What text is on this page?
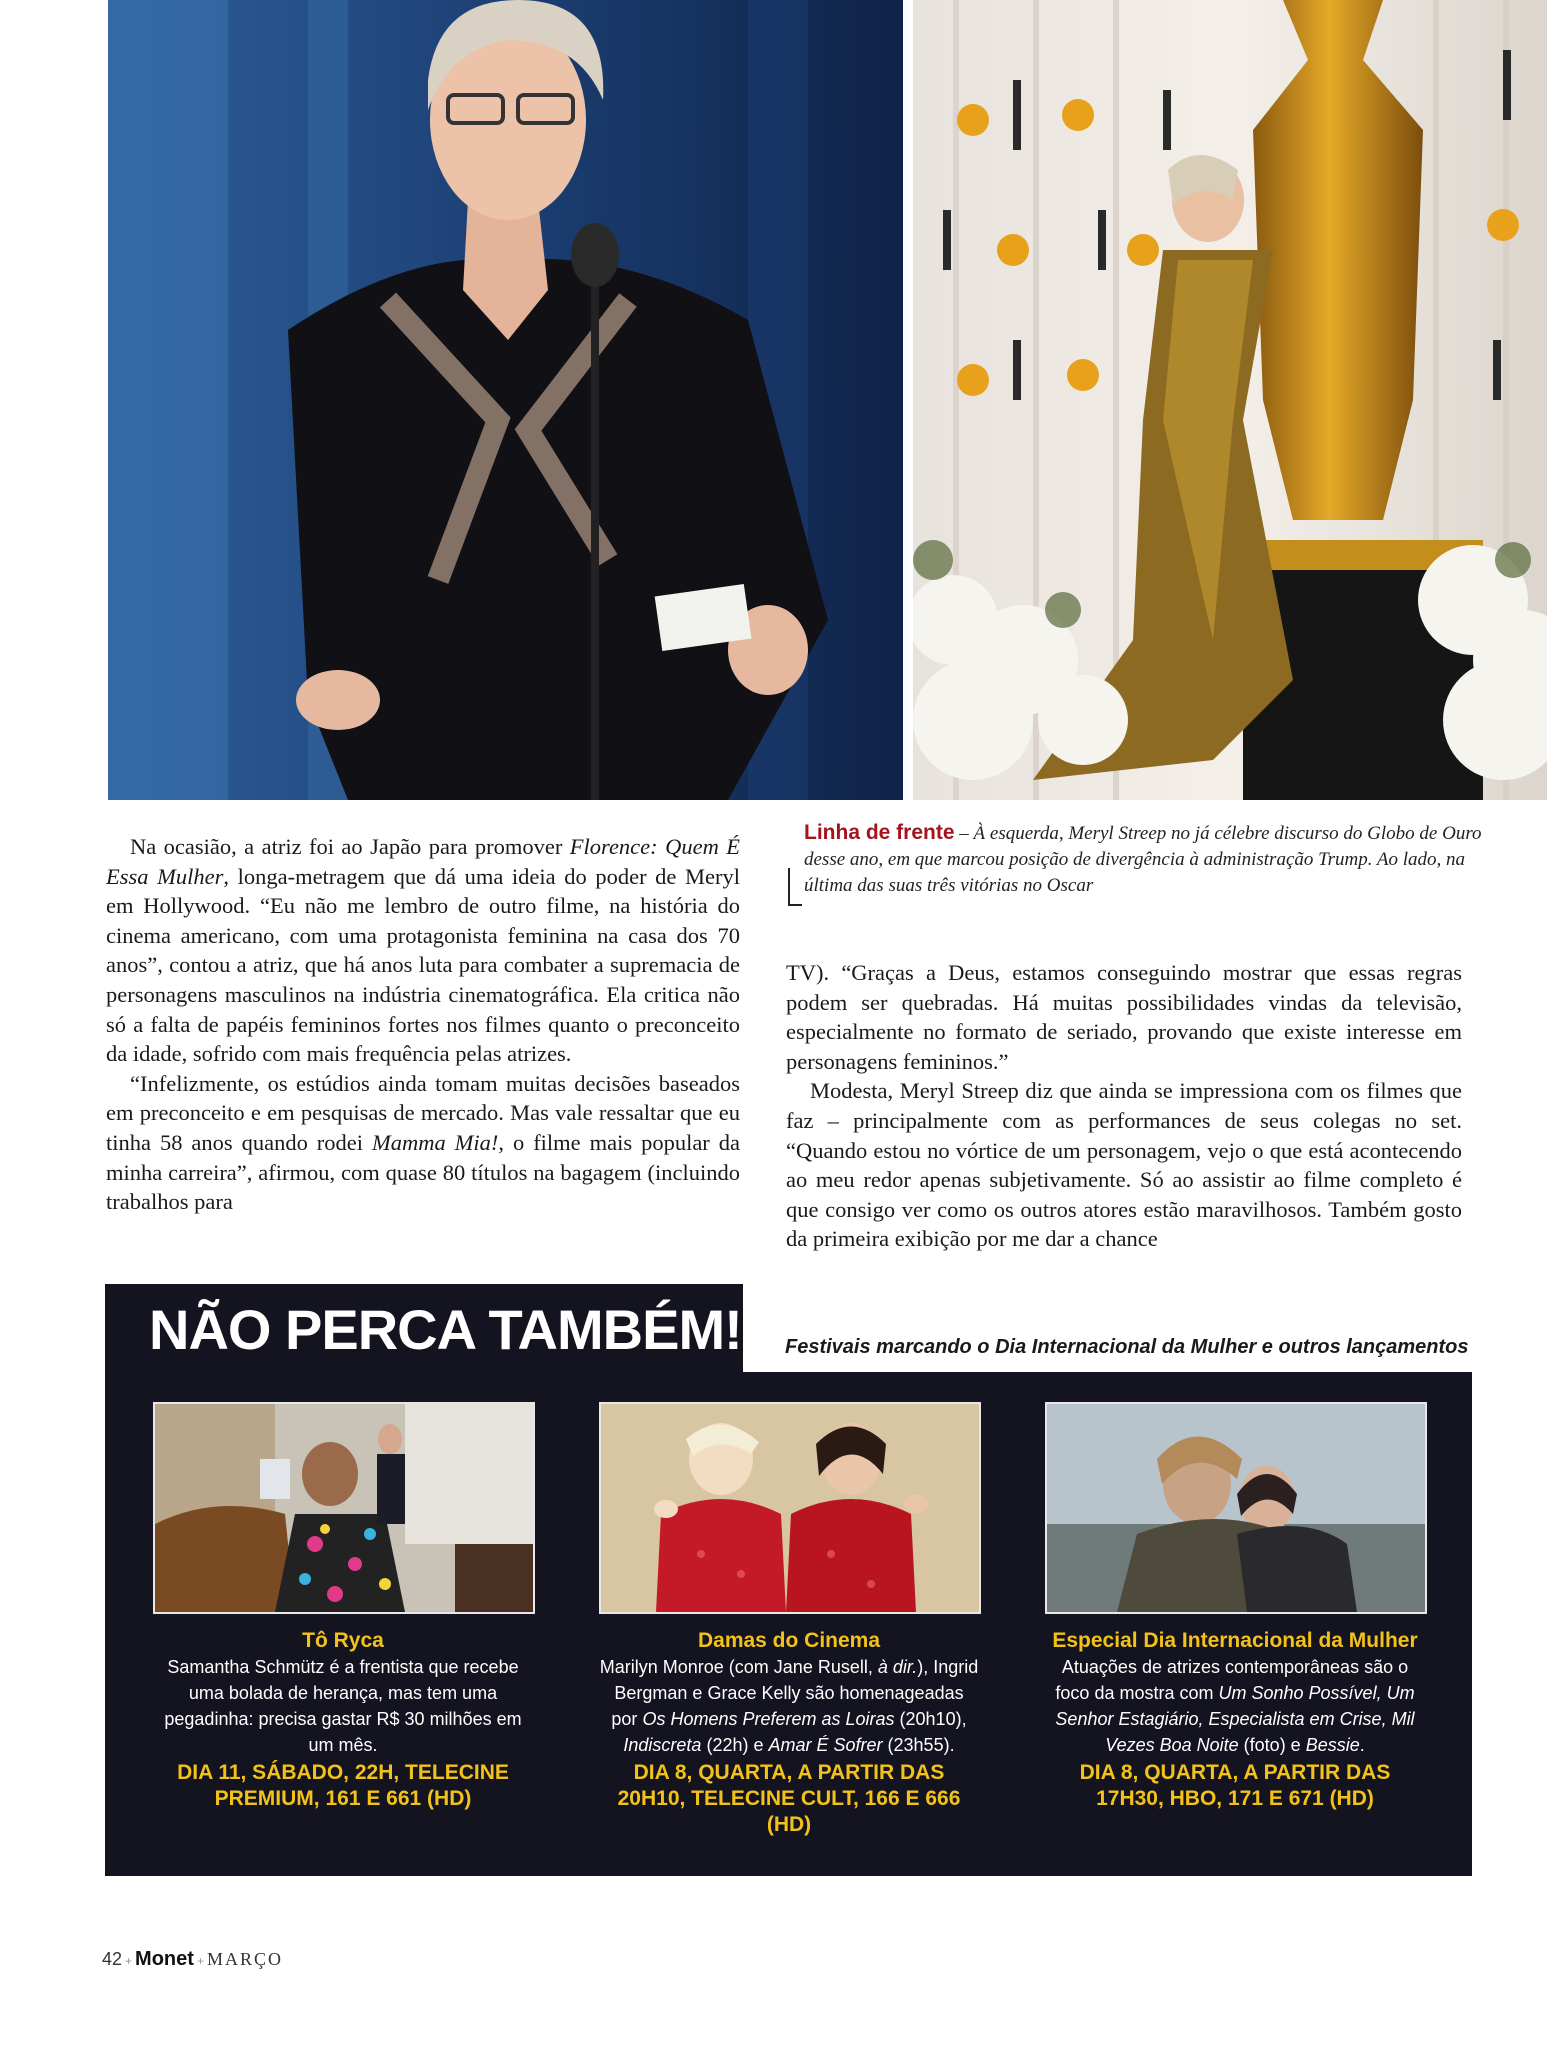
Linha de frente – À esquerda, Meryl Streep no já célebre discurso do Globo de Ouro desse ano, em que marcou posição de divergência à administração Trump. Ao lado, na última das suas três vitórias no Oscar

Na ocasião, a atriz foi ao Japão para promover Florence: Quem É Essa Mulher, longa-metragem que dá uma ideia do poder de Meryl em Hollywood. “Eu não me lembro de outro filme, na história do cinema americano, com uma protagonista feminina na casa dos 70 anos”, contou a atriz, que há anos luta para combater a supremacia de personagens masculinos na indústria cinematográfica. Ela critica não só a falta de papéis femininos fortes nos filmes quanto o preconceito da idade, sofrido com mais frequência pelas atrizes.

“Infelizmente, os estúdios ainda tomam muitas decisões baseados em preconceito e em pesquisas de mercado. Mas vale ressaltar que eu tinha 58 anos quando rodei Mamma Mia!, o filme mais popular da minha carreira”, afirmou, com quase 80 títulos na bagagem (incluindo trabalhos para

TV). “Graças a Deus, estamos conseguindo mostrar que essas regras podem ser quebradas. Há muitas possibilidades vindas da televisão, especialmente no formato de seriado, provando que existe interesse em personagens femininos.”

Modesta, Meryl Streep diz que ainda se impressiona com os filmes que faz – principalmente com as performances de seus colegas no set. “Quando estou no vórtice de um personagem, vejo o que está acontecendo ao meu redor apenas subjetivamente. Só ao assistir ao filme completo é que consigo ver como os outros atores estão maravilhosos. Também gosto da primeira exibição por me dar a chance

NÃO PERCA TAMBÉM! Festivais marcando o Dia Internacional da Mulher e outros lançamentos
Tô Ryca
Samantha Schmütz é a frentista que recebe uma bolada de herança, mas tem uma pegadinha: precisa gastar R$ 30 milhões em um mês.
DIA 11, SÁBADO, 22H, TELECINE PREMIUM, 161 E 661 (HD)
Damas do Cinema
Marilyn Monroe (com Jane Rusell, à dir.), Ingrid Bergman e Grace Kelly são homenageadas por Os Homens Preferem as Loiras (20h10), Indiscreta (22h) e Amar É Sofrer (23h55).
DIA 8, QUARTA, A PARTIR DAS 20H10, TELECINE CULT, 166 E 666 (HD)
Especial Dia Internacional da Mulher
Atuações de atrizes contemporâneas são o foco da mostra com Um Sonho Possível, Um Senhor Estagiário, Especialista em Crise, Mil Vezes Boa Noite (foto) e Bessie.
DIA 8, QUARTA, A PARTIR DAS 17H30, HBO, 171 E 671 (HD)
42 + Monet + MARÇO
